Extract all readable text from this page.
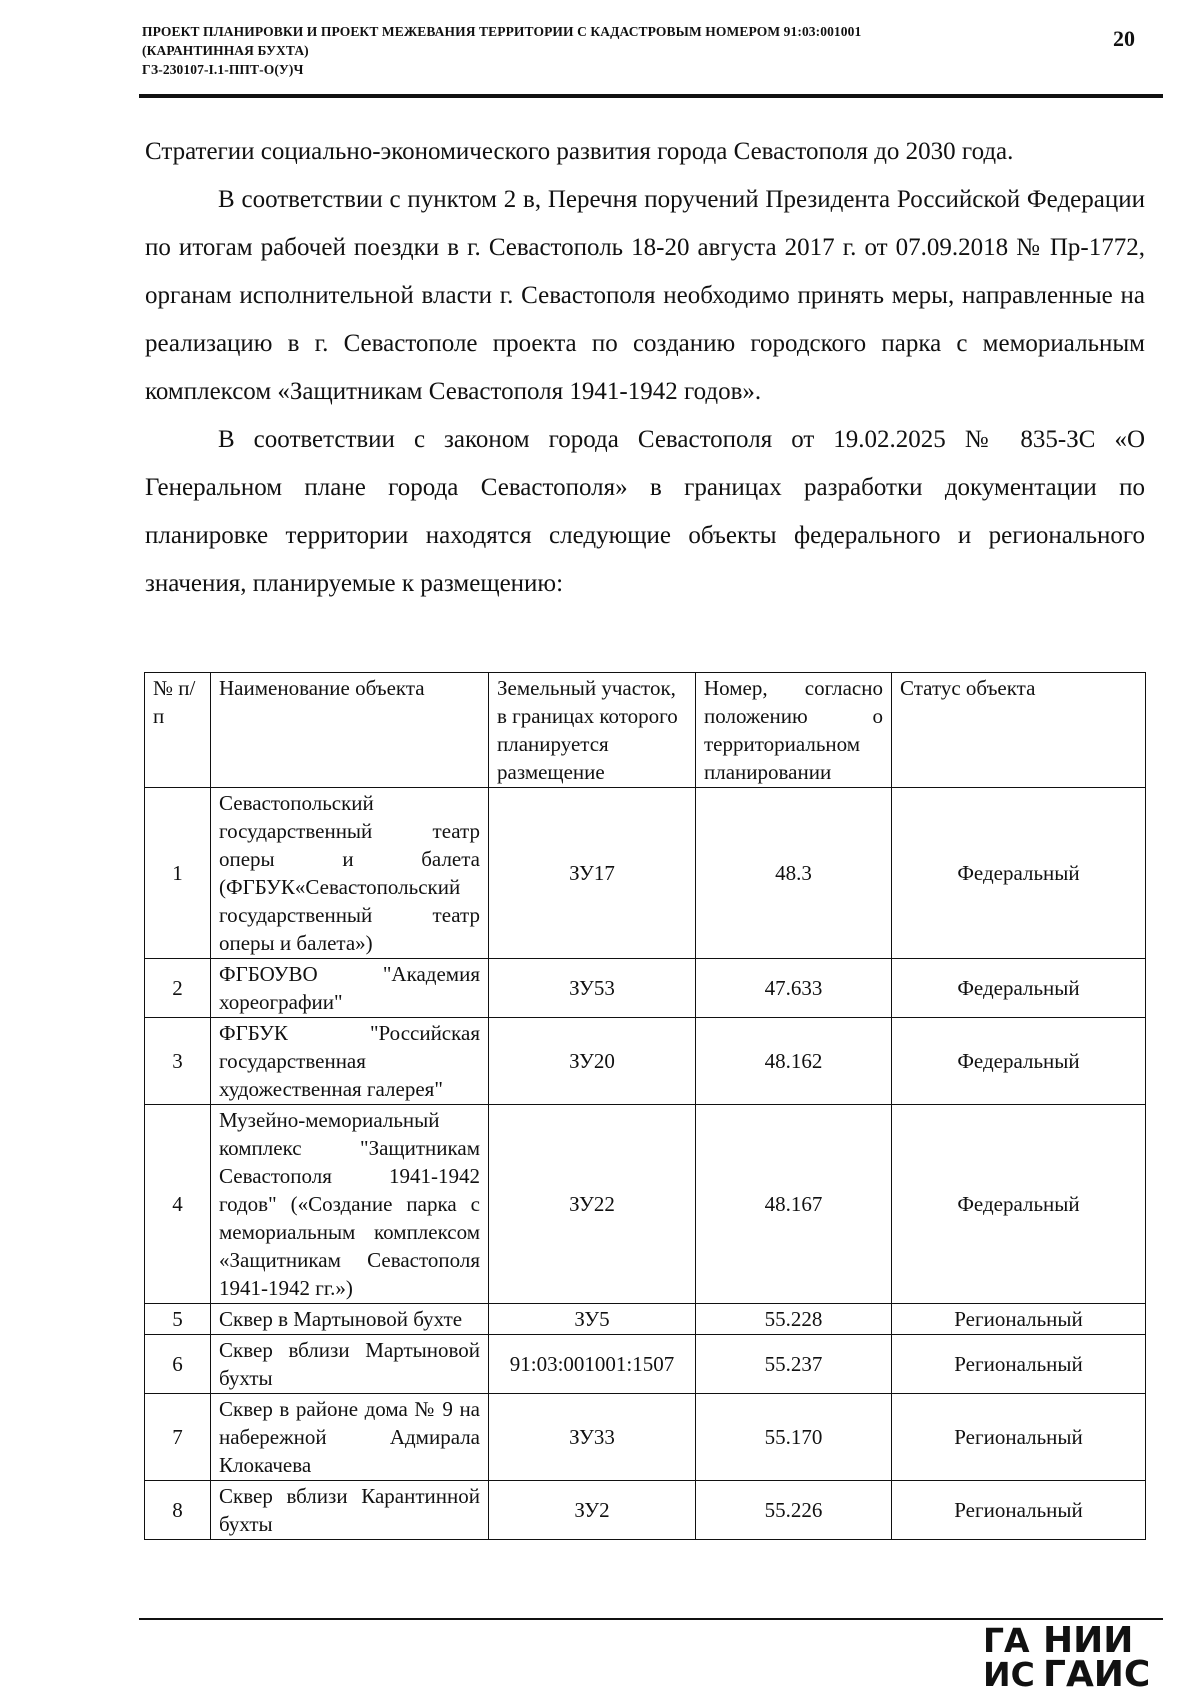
ПРОЕКТ ПЛАНИРОВКИ И ПРОЕКТ МЕЖЕВАНИЯ ТЕРРИТОРИИ С КАДАСТРОВЫМ НОМЕРОМ 91:03:001001
(КАРАНТИННАЯ БУХТА)
ГЗ-230107-I.1-ППТ-О(У)Ч
20

Стратегии социально-экономического развития города Севастополя до 2030 года.

В соответствии с пунктом 2 в, Перечня поручений Президента Российской Федерации по итогам рабочей поездки в г. Севастополь 18-20 августа 2017 г. от 07.09.2018 № Пр-1772, органам исполнительной власти г. Севастополя необходимо принять меры, направленные на реализацию в г. Севастополе проекта по созданию городского парка с мемориальным комплексом «Защитникам Севастополя 1941-1942 годов».

В соответствии с законом города Севастополя от 19.02.2025 № 835-ЗС «О Генеральном плане города Севастополя» в границах разработки документации по планировке территории находятся следующие объекты федерального и регионального значения, планируемые к размещению:

№ п/п	Наименование объекта	Земельный участок, в границах которого планируется размещение	Номер, согласно положению о территориальном планировании	Статус объекта
1	Севастопольский государственный театр оперы и балета (ФГБУК«Севастопольский государственный театр оперы и балета»)	ЗУ17	48.3	Федеральный
2	ФГБОУВО "Академия хореографии"	ЗУ53	47.633	Федеральный
3	ФГБУК "Российская государственная художественная галерея"	ЗУ20	48.162	Федеральный
4	Музейно-мемориальный комплекс "Защитникам Севастополя 1941-1942 годов" («Создание парка с мемориальным комплексом «Защитникам Севастополя 1941-1942 гг.»)	ЗУ22	48.167	Федеральный
5	Сквер в Мартыновой бухте	ЗУ5	55.228	Региональный
6	Сквер вблизи Мартыновой бухты	91:03:001001:1507	55.237	Региональный
7	Сквер в районе дома № 9 на набережной Адмирала Клокачева	ЗУ33	55.170	Региональный
8	Сквер вблизи Карантинной бухты	ЗУ2	55.226	Региональный
ГА НИИ
ИС ГАИС
